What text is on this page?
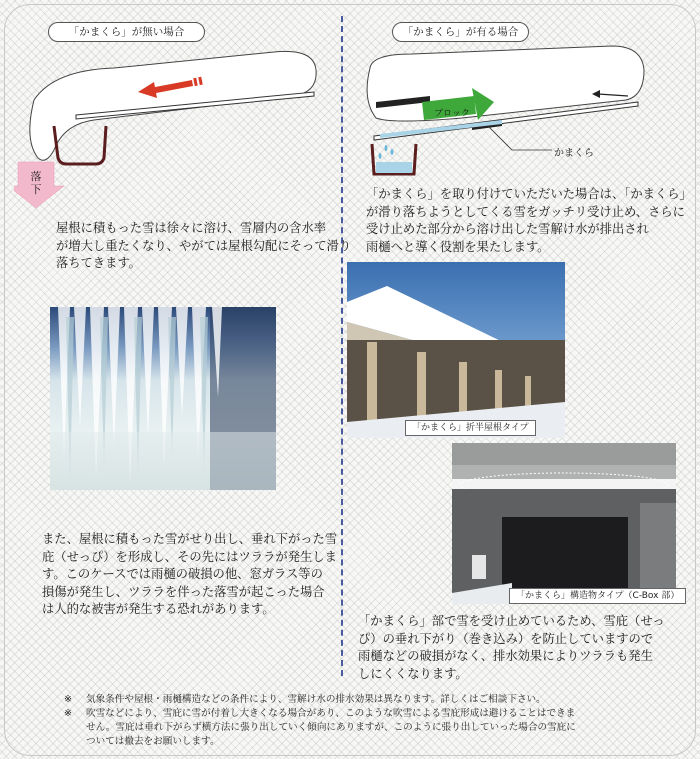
「かまくら」が無い場合
落 下
屋根に積もった雪は徐々に溶け、雪層内の含水率
が増大し重たくなり、やがては屋根勾配にそって滑り
落ちてきます。
また、屋根に積もった雪がせり出し、垂れ下がった雪
庇（せっぴ）を形成し、その先にはツララが発生しま
す。このケースでは雨樋の破損の他、窓ガラス等の
損傷が発生し、ツララを伴った落雪が起こった場合
は人的な被害が発生する恐れがあります。
「かまくら」が有る場合
ブロック
かまくら
「かまくら」を取り付けていただいた場合は、「かまくら」
が滑り落ちようとしてくる雪をガッチリ受け止め、さらに
受け止めた部分から溶け出した雪解け水が排出され
雨樋へと導く役割を果たします。
「かまくら」折半屋根タイプ
「かまくら」構造物タイプ（C-Box 部）
「かまくら」部で雪を受け止めているため、雪庇（せっ
ぴ）の垂れ下がり（巻き込み）を防止していますので
雨樋などの破損がなく、排水効果によりツララも発生
しにくくなります。
※ 気象条件や屋根・雨樋構造などの条件により、雪解け水の排水効果は異なります。詳しくはご相談下さい。
※ 吹雪などにより、雪庇に雪が付着し大きくなる場合があり、このような吹雪による雪庇形成は避けることはできま
せん。雪庇は垂れ下がらず横方法に張り出していく傾向にありますが、このように張り出していった場合の雪庇に
ついては撤去をお願いします。
